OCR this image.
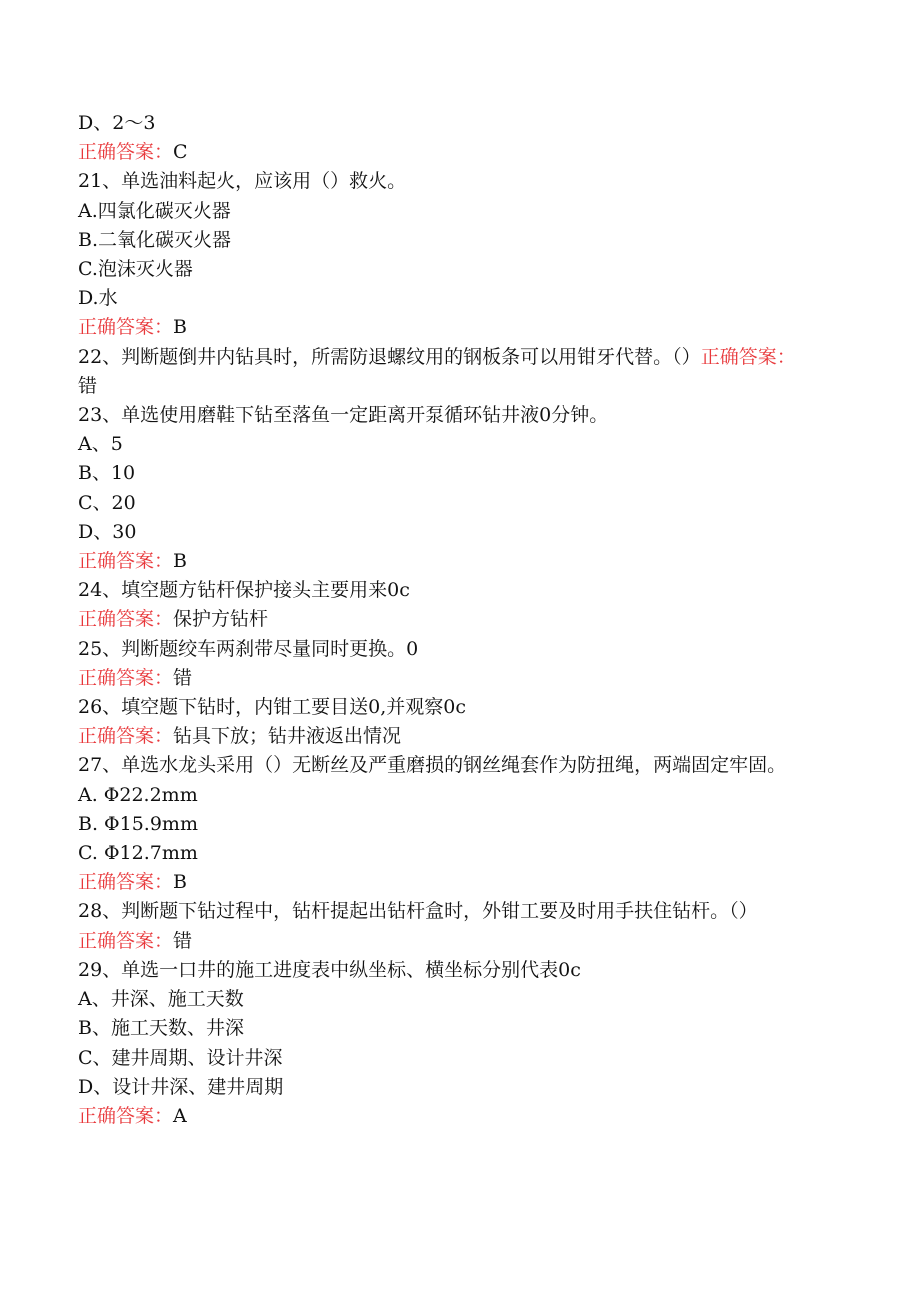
D、2～3

正确答案：C

21、单选油料起火，应该用（）救火。

A.四氯化碳灭火器

B.二氧化碳灭火器

C.泡沫灭火器

D.水

正确答案：B

22、判断题倒井内钻具时，所需防退螺纹用的钢板条可以用钳牙代替。（）正确答案：错

23、单选使用磨鞋下钻至落鱼一定距离开泵循环钻井液0分钟。

A、5

B、10

C、20

D、30

正确答案：B

24、填空题方钻杆保护接头主要用来0c

正确答案：保护方钻杆

25、判断题绞车两刹带尽量同时更换。0

正确答案：错

26、填空题下钻时，内钳工要目送0,并观察0c

正确答案：钻具下放；钻井液返出情况

27、单选水龙头采用（）无断丝及严重磨损的钢丝绳套作为防扭绳，两端固定牢固。

A. Φ22.2mm

B. Φ15.9mm

C. Φ12.7mm

正确答案：B

28、判断题下钻过程中，钻杆提起出钻杆盒时，外钳工要及时用手扶住钻杆。（）

正确答案：错

29、单选一口井的施工进度表中纵坐标、横坐标分别代表0c

A、井深、施工天数

B、施工天数、井深

C、建井周期、设计井深

D、设计井深、建井周期

正确答案：A
